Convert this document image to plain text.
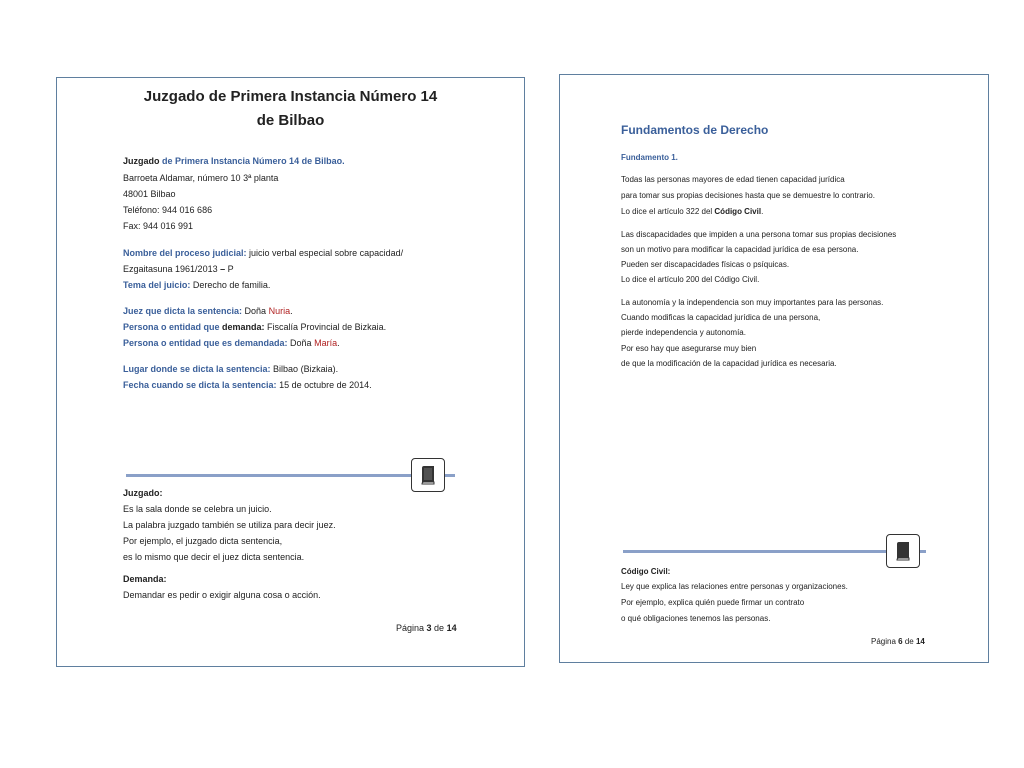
Juzgado de Primera Instancia Número 14
de Bilbao
Juzgado de Primera Instancia Número 14 de Bilbao.
Barroeta Aldamar, número 10 3ª planta
48001 Bilbao
Teléfono: 944 016 686
Fax: 944 016 991
Nombre del proceso judicial: juicio verbal especial sobre capacidad/
Ezgaitasuna 1961/2013 – P
Tema del juicio: Derecho de familia.
Juez que dicta la sentencia: Doña Nuria.
Persona o entidad que demanda: Fiscalía Provincial de Bizkaia.
Persona o entidad que es demandada: Doña María.
Lugar donde se dicta la sentencia: Bilbao (Bizkaia).
Fecha cuando se dicta la sentencia: 15 de octubre de 2014.
Juzgado:
Es la sala donde se celebra un juicio.
La palabra juzgado también se utiliza para decir juez.
Por ejemplo, el juzgado dicta sentencia,
es lo mismo que decir el juez dicta sentencia.
Demanda:
Demandar es pedir o exigir alguna cosa o acción.
Página 3 de 14
Fundamentos de Derecho
Fundamento 1.
Todas las personas mayores de edad tienen capacidad jurídica
para tomar sus propias decisiones hasta que se demuestre lo contrario.
Lo dice el artículo 322 del Código Civil.
Las discapacidades que impiden a una persona tomar sus propias decisiones
son un motivo para modificar la capacidad jurídica de esa persona.
Pueden ser discapacidades físicas o psíquicas.
Lo dice el artículo 200 del Código Civil.
La autonomía y la independencia son muy importantes para las personas.
Cuando modificas la capacidad jurídica de una persona,
pierde independencia y autonomía.
Por eso hay que asegurarse muy bien
de que la modificación de la capacidad jurídica es necesaria.
Código Civil:
Ley que explica las relaciones entre personas y organizaciones.
Por ejemplo, explica quién puede firmar un contrato
o qué obligaciones tenemos las personas.
Página 6 de 14
